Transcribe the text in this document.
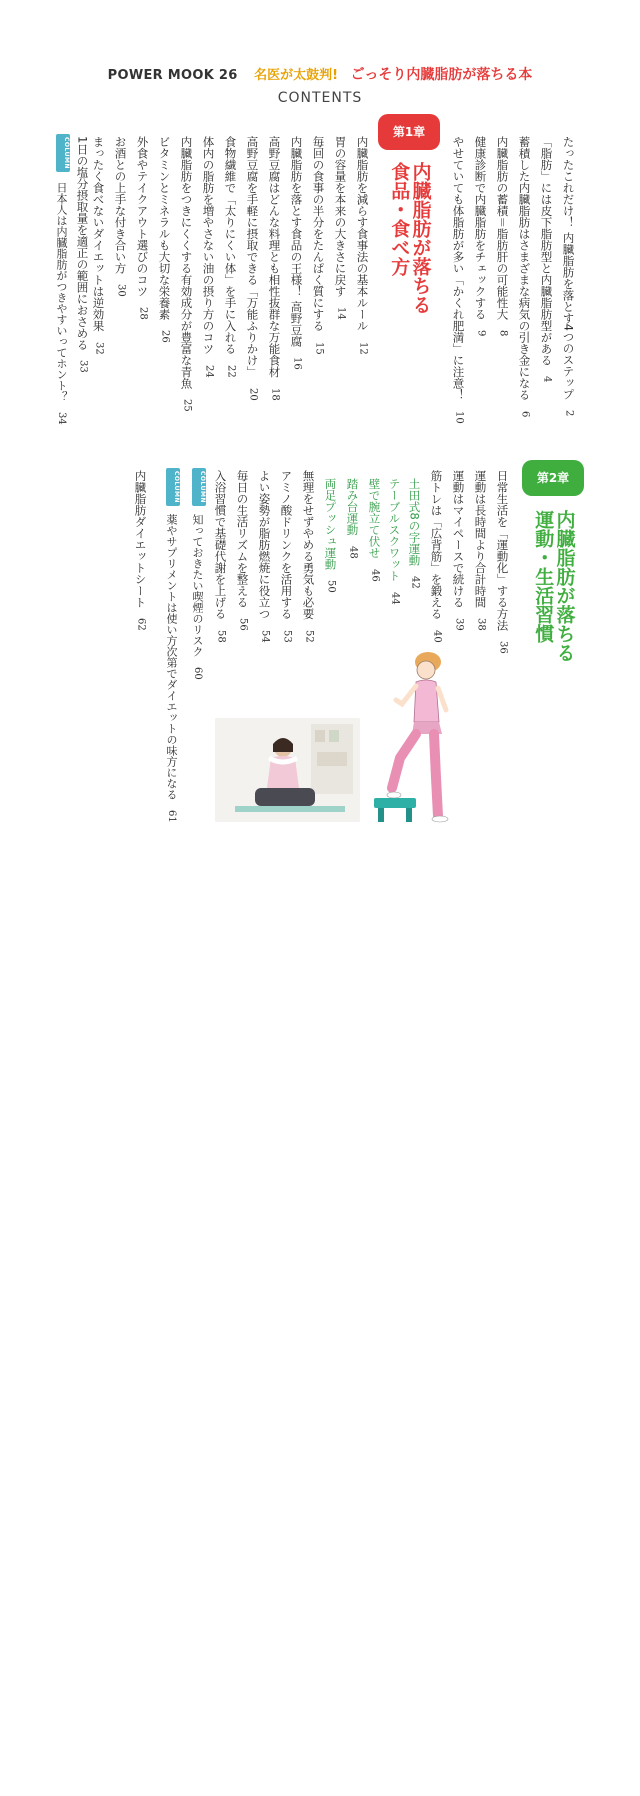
POWER MOOK 26 名医が太鼓判! ごっそり内臓脂肪が落ちる本
CONTENTS
たったこれだけ！ 内臓脂肪を落とす4つのステップ2
「脂肪」には皮下脂肪型と内臓脂肪型がある4
蓄積した内臓脂肪はさまざまな病気の引き金になる6
内臓脂肪の蓄積＝脂肪肝の可能性大8
健康診断で内臓脂肪をチェックする9
やせていても体脂肪が多い「かくれ肥満」に注意！10
第1章
内臓脂肪が落ちる
食品・食べ方
内臓脂肪を減らす食事法の基本ルール12
胃の容量を本来の大きさに戻す14
毎回の食事の半分をたんぱく質にする15
内臓脂肪を落とす食品の王様！ 高野豆腐16
高野豆腐はどんな料理とも相性抜群な万能食材18
高野豆腐を手軽に摂取できる「万能ふりかけ」20
食物繊維で「太りにくい体」を手に入れる22
体内の脂肪を増やさない油の摂り方のコツ24
内臓脂肪をつきにくくする有効成分が豊富な青魚25
ビタミンとミネラルも大切な栄養素26
外食やテイクアウト選びのコツ28
お酒との上手な付き合い方30
まったく食べないダイエットは逆効果32
1日の塩分摂取量を適正の範囲におさめる33
COLUMN
日本人は内臓脂肪がつきやすいってホント？34
第2章
内臓脂肪が落ちる
運動・生活習慣
日常生活を「運動化」する方法36
運動は長時間より合計時間38
運動はマイペースで続ける39
筋トレは「広背筋」を鍛える40
土田式8の字運動42
テーブルスクワット44
壁で腕立て伏せ46
踏み台運動48
両足プッシュ運動50
無理をせずやめる勇気も必要52
アミノ酸ドリンクを活用する53
よい姿勢が脂肪燃焼に役立つ54
毎日の生活リズムを整える56
入浴習慣で基礎代謝を上げる58
COLUMN
知っておきたい喫煙のリスク60
COLUMN
薬やサプリメントは使い方次第でダイエットの味方になる61
内臓脂肪ダイエットシート62
